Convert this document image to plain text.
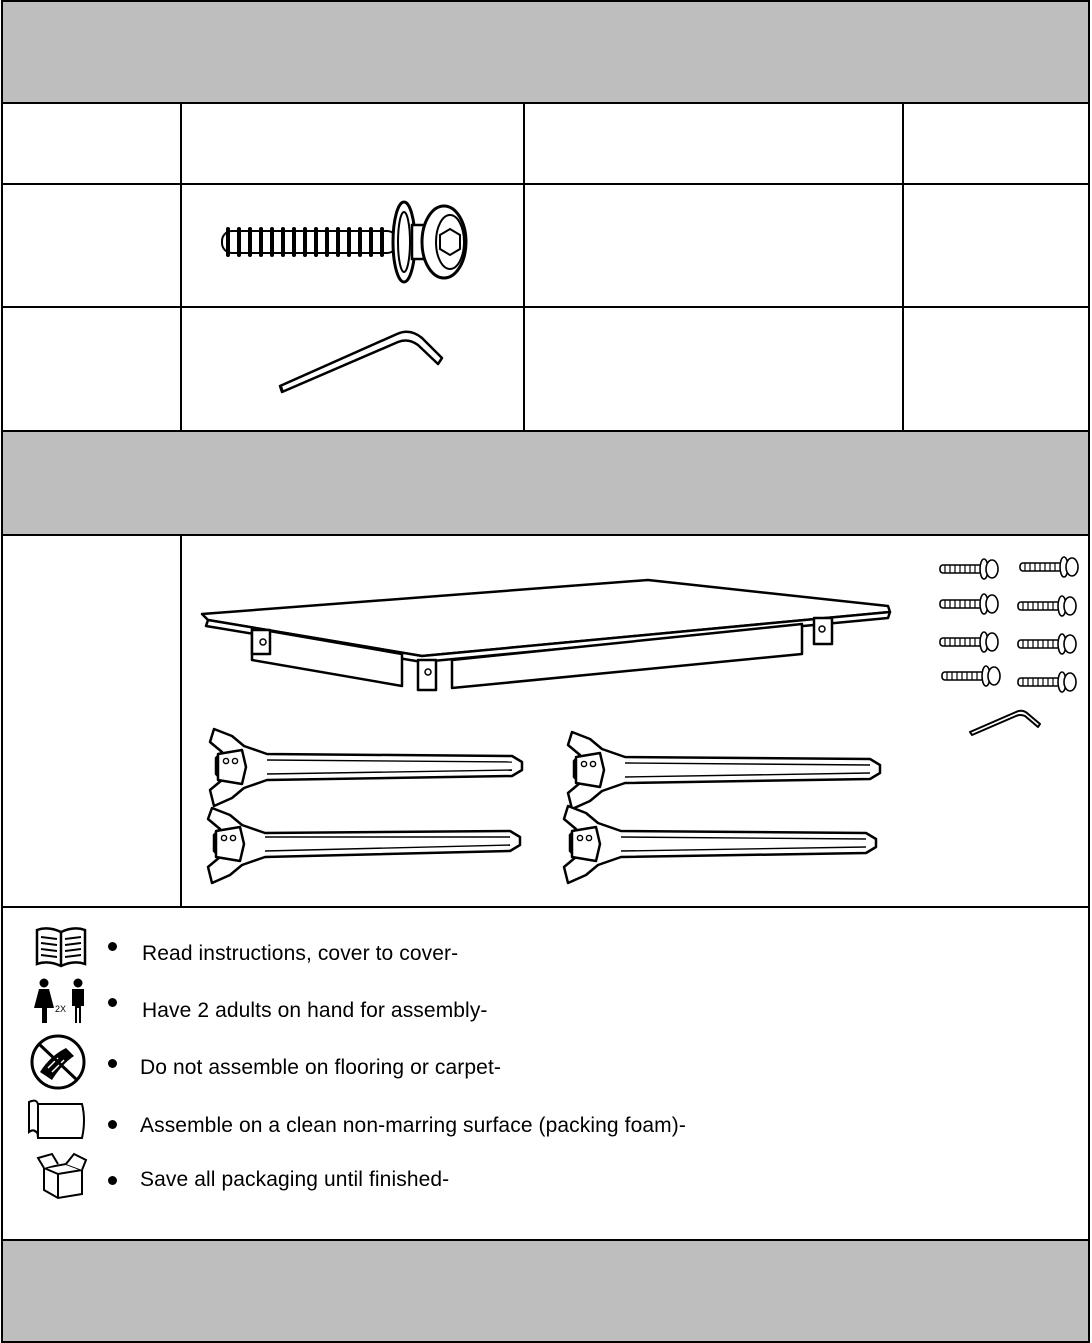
Read instructions, cover to cover-
2X	Have 2 adults on hand for assembly-
Do not assemble on flooring or carpet-
Assemble on a clean non-marring surface (packing foam)-
Save all packaging until finished-
